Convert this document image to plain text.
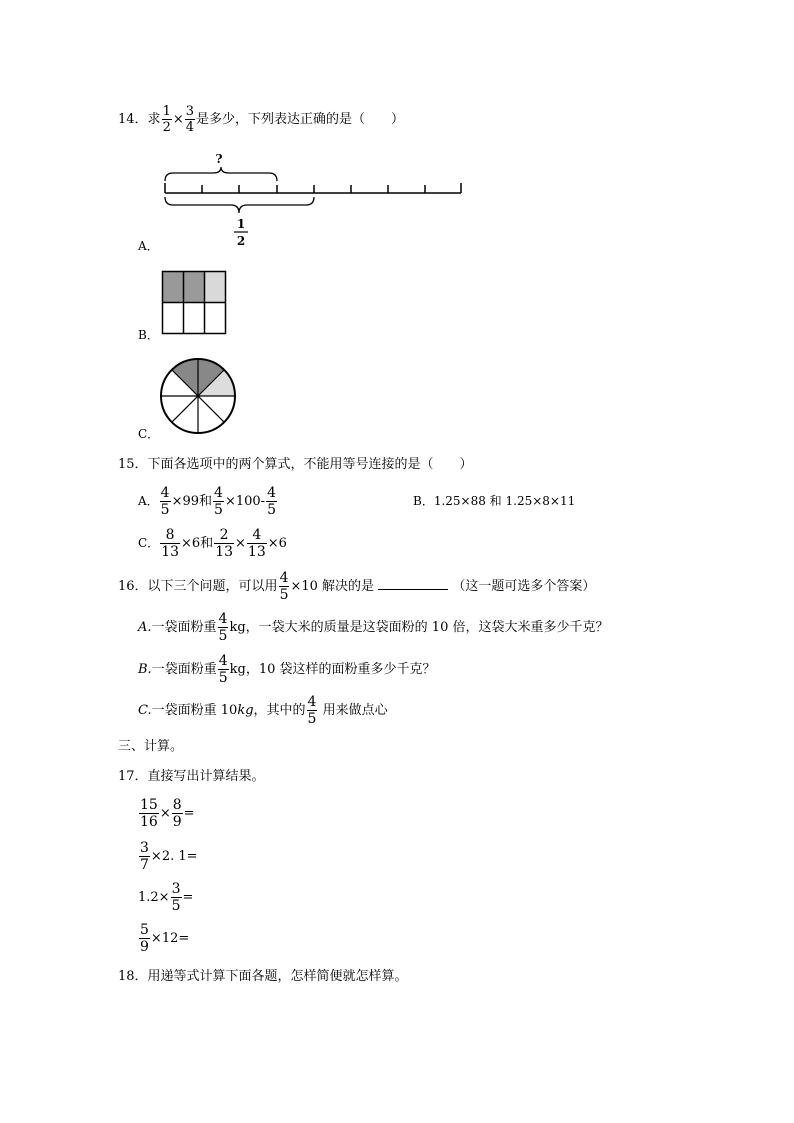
14．求 $\frac{1}{2} \times \frac{3}{4}$ 是多少，下列表达正确的是（　　）
?
1
2
A．
B．
C．
15．下面各选项中的两个算式，不能用等号连接的是（　　）
A． $\frac{4}{5} \times 99$和 $\frac{4}{5} \times 100- \frac{4}{5}$	B．1.25×88 和 1.25×8×11
C． $\frac{8}{13} \times 6$和 $\frac{2}{13} \times \frac{4}{13} \times 6$
16．以下三个问题，可以用 $\frac{4}{5} \times 10$ 解决的是	（这一题可选多个答案）
A.一袋面粉重 $\frac{4}{5}$ kg，一袋大米的质量是这袋面粉的 10 倍，这袋大米重多少千克？
B.一袋面粉重 $\frac{4}{5}$ kg，10 袋这样的面粉重多少千克？
C.一袋面粉重 10kg，其中的 $\frac{4}{5}$ 用来做点心
三、计算。
17．直接写出计算结果。
$\frac{15}{16} \times \frac{8}{9}$ =
$\frac{3}{7} \times 2$. 1=
$1.2\times \frac{3}{5}$ =
$\frac{5}{9} \times 12=$
18．用递等式计算下面各题，怎样简便就怎样算。
